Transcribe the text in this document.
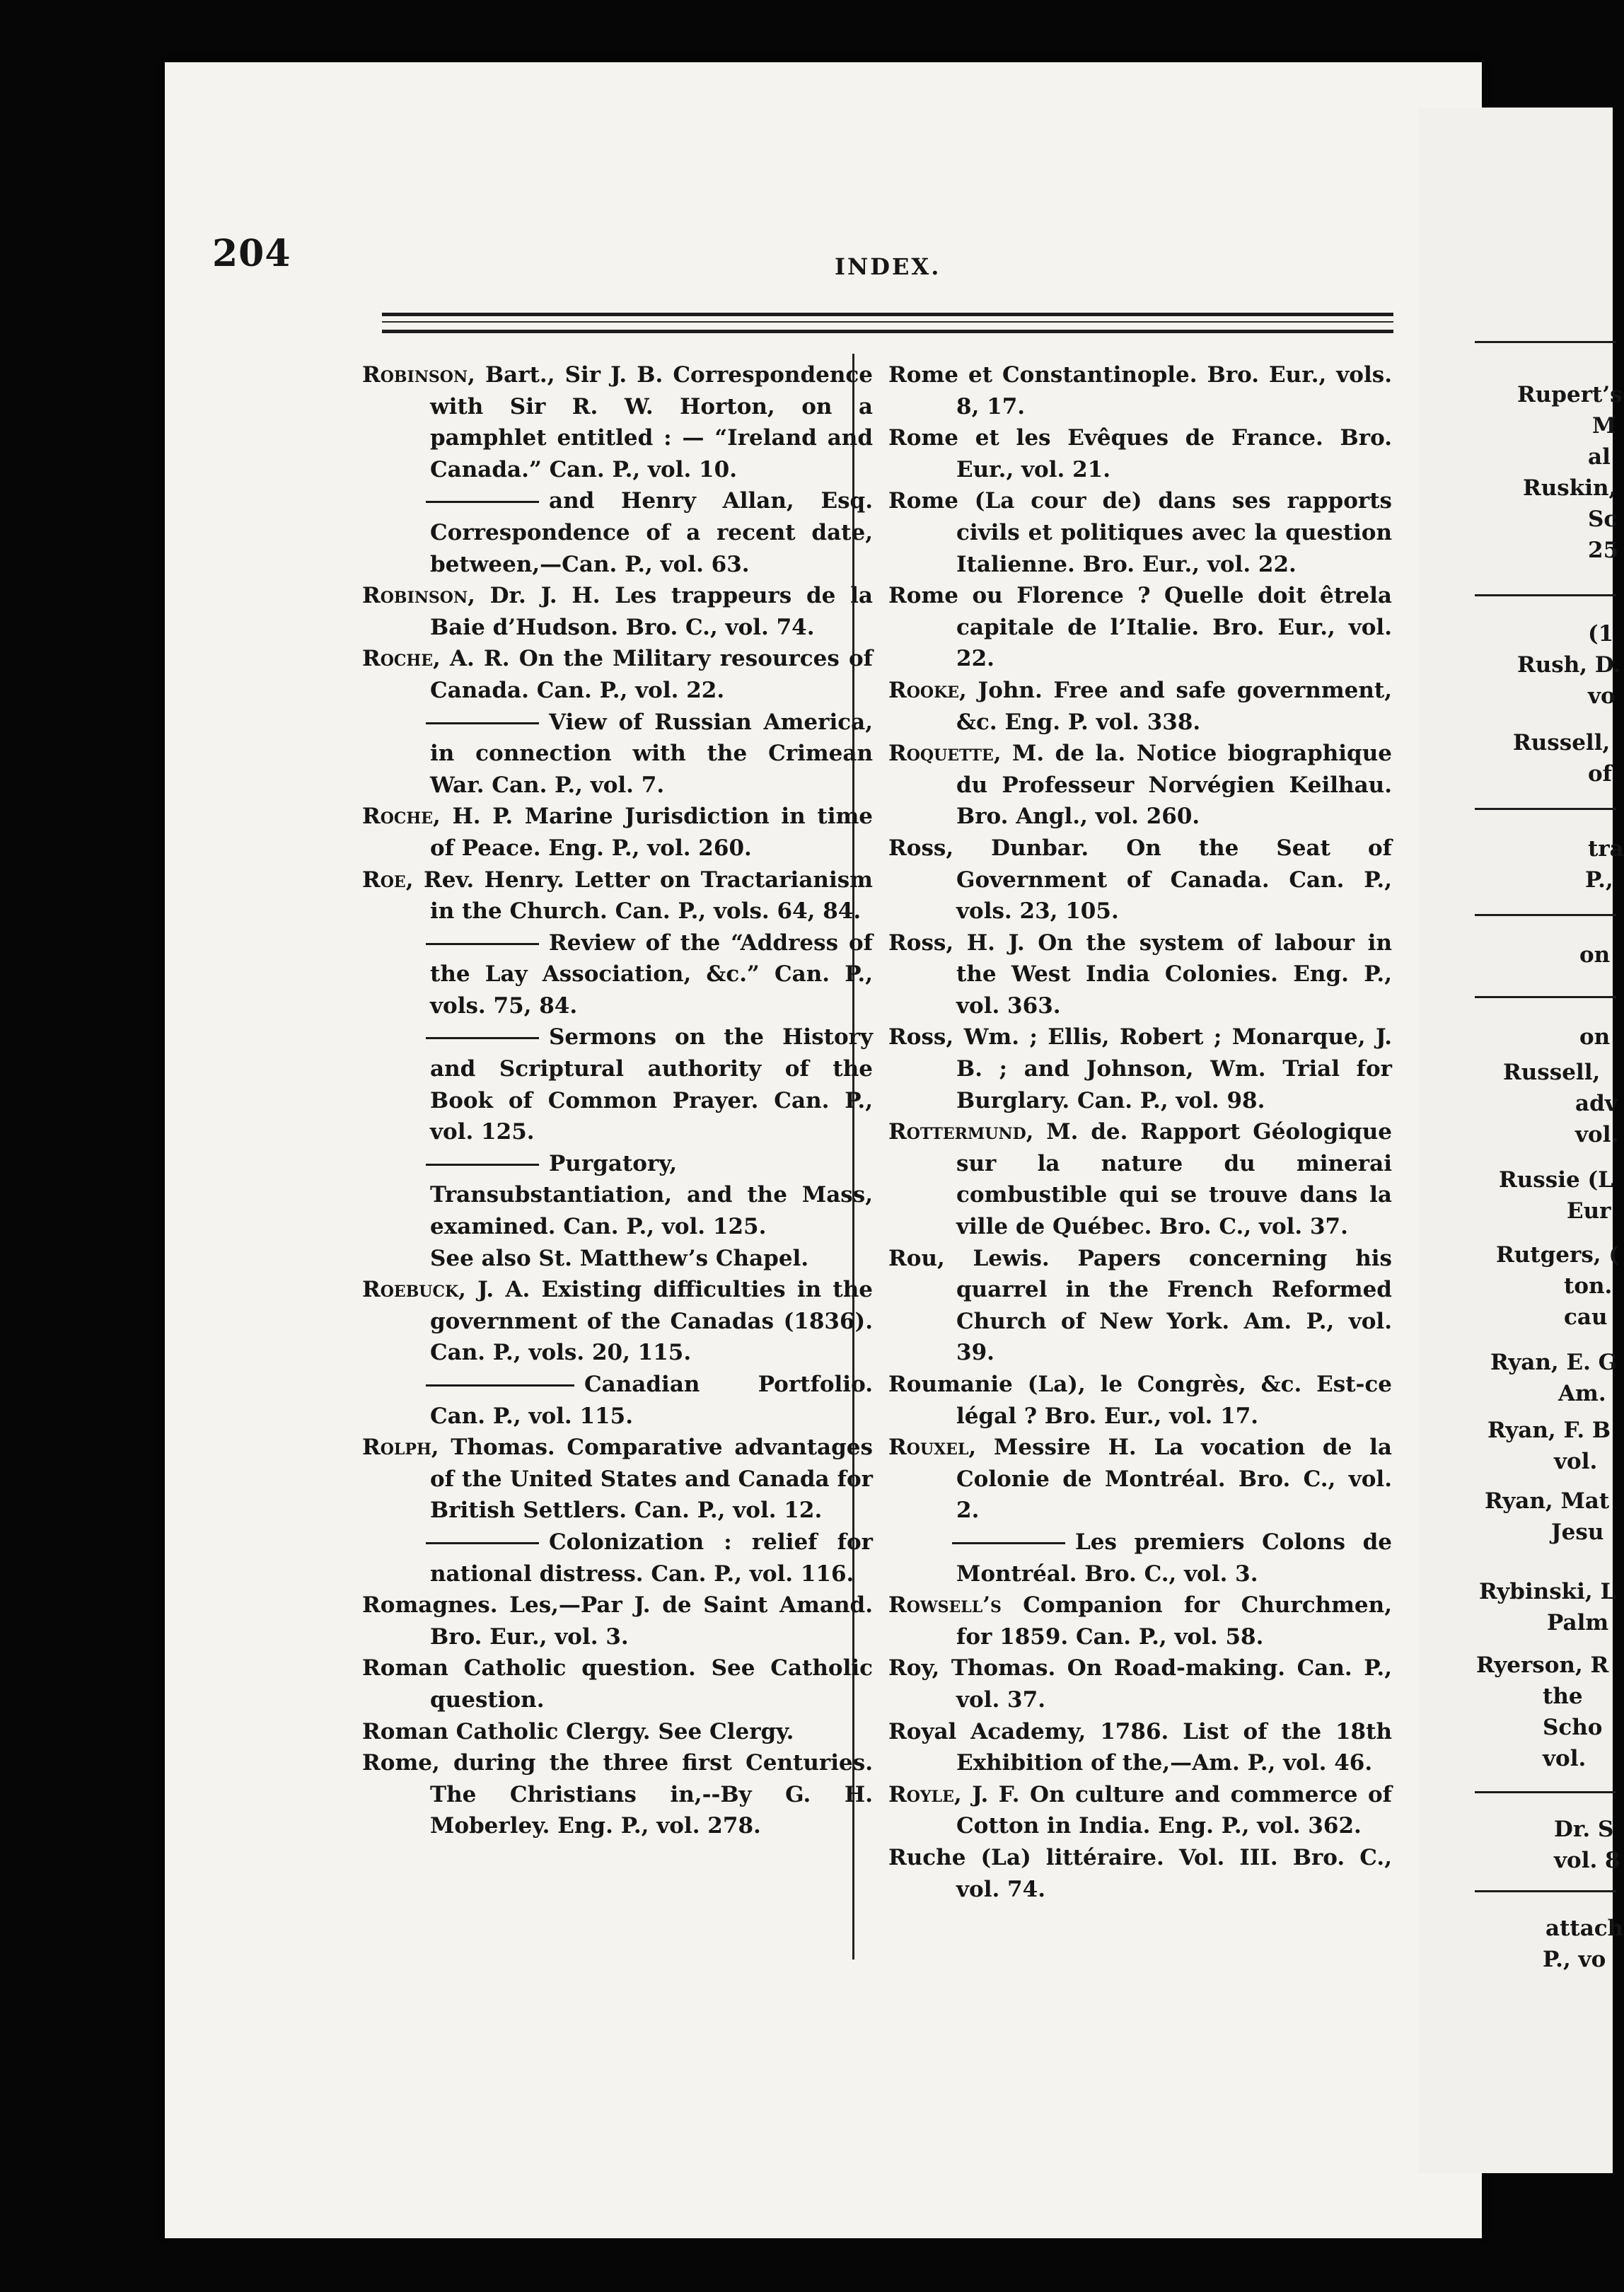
Rupert’s
M
al
Ruskin,
Sc
25
(1
Rush, D.
vo
Russell,
of
tra
P.,
on
on
Russell,
adv
vol.
Russie (L
Eur
Rutgers, (
ton.
cau
Ryan, E. G
Am.
Ryan, F. B
vol.
Ryan, Mat
Jesu
Rybinski, L
Palm
Ryerson, R
the
Scho
vol.
Dr. S
vol. 8
attach
P., vo
204	INDEX.
Robinson, Bart., Sir J. B. Correspondence with Sir R. W. Horton, on a pamphlet entitled : — “Ireland and Canada.” Can. P., vol. 10.
and Henry Allan, Esq. Correspondence of a recent date, between,—Can. P., vol. 63.
Robinson, Dr. J. H. Les trappeurs de la Baie d’Hudson. Bro. C., vol. 74.
Roche, A. R. On the Military resources of Canada. Can. P., vol. 22.
View of Russian America, in connection with the Crimean War. Can. P., vol. 7.
Roche, H. P. Marine Jurisdiction in time of Peace. Eng. P., vol. 260.
Roe, Rev. Henry. Letter on Tractarianism in the Church. Can. P., vols. 64, 84.
Review of the “Address of the Lay Association, &c.” Can. P., vols. 75, 84.
Sermons on the History and Scriptural authority of the Book of Common Prayer. Can. P., vol. 125.
Purgatory, Transubstantiation, and the Mass, examined. Can. P., vol. 125.
See also St. Matthew’s Chapel.
Roebuck, J. A. Existing difficulties in the government of the Canadas (1836). Can. P., vols. 20, 115.
Canadian Portfolio. Can. P., vol. 115.
Rolph, Thomas. Comparative advantages of the United States and Canada for British Settlers. Can. P., vol. 12.
Colonization : relief for national distress. Can. P., vol. 116.
Romagnes. Les,—Par J. de Saint Amand. Bro. Eur., vol. 3.
Roman Catholic question. See Catholic question.
Roman Catholic Clergy. See Clergy.
Rome, during the three first Centuries. The Christians in,--By G. H. Moberley. Eng. P., vol. 278.
Rome et Constantinople. Bro. Eur., vols. 8, 17.
Rome et les Evêques de France. Bro. Eur., vol. 21.
Rome (La cour de) dans ses rapports civils et politiques avec la question Italienne. Bro. Eur., vol. 22.
Rome ou Florence ? Quelle doit êtrela capitale de l’Italie. Bro. Eur., vol. 22.
Rooke, John. Free and safe government, &c. Eng. P. vol. 338.
Roquette, M. de la. Notice biographique du Professeur Norvégien Keilhau. Bro. Angl., vol. 260.
Ross, Dunbar. On the Seat of Government of Canada. Can. P., vols. 23, 105.
Ross, H. J. On the system of labour in the West India Colonies. Eng. P., vol. 363.
Ross, Wm. ; Ellis, Robert ; Monarque, J. B. ; and Johnson, Wm. Trial for Burglary. Can. P., vol. 98.
Rottermund, M. de. Rapport Géologique sur la nature du minerai combustible qui se trouve dans la ville de Québec. Bro. C., vol. 37.
Rou, Lewis. Papers concerning his quarrel in the French Reformed Church of New York. Am. P., vol. 39.
Roumanie (La), le Congrès, &c. Est-ce légal ? Bro. Eur., vol. 17.
Rouxel, Messire H. La vocation de la Colonie de Montréal. Bro. C., vol. 2.
Les premiers Colons de Montréal. Bro. C., vol. 3.
Rowsell’s Companion for Churchmen, for 1859. Can. P., vol. 58.
Roy, Thomas. On Road-making. Can. P., vol. 37.
Royal Academy, 1786. List of the 18th Exhibition of the,—Am. P., vol. 46.
Royle, J. F. On culture and commerce of Cotton in India. Eng. P., vol. 362.
Ruche (La) littéraire. Vol. III. Bro. C., vol. 74.
